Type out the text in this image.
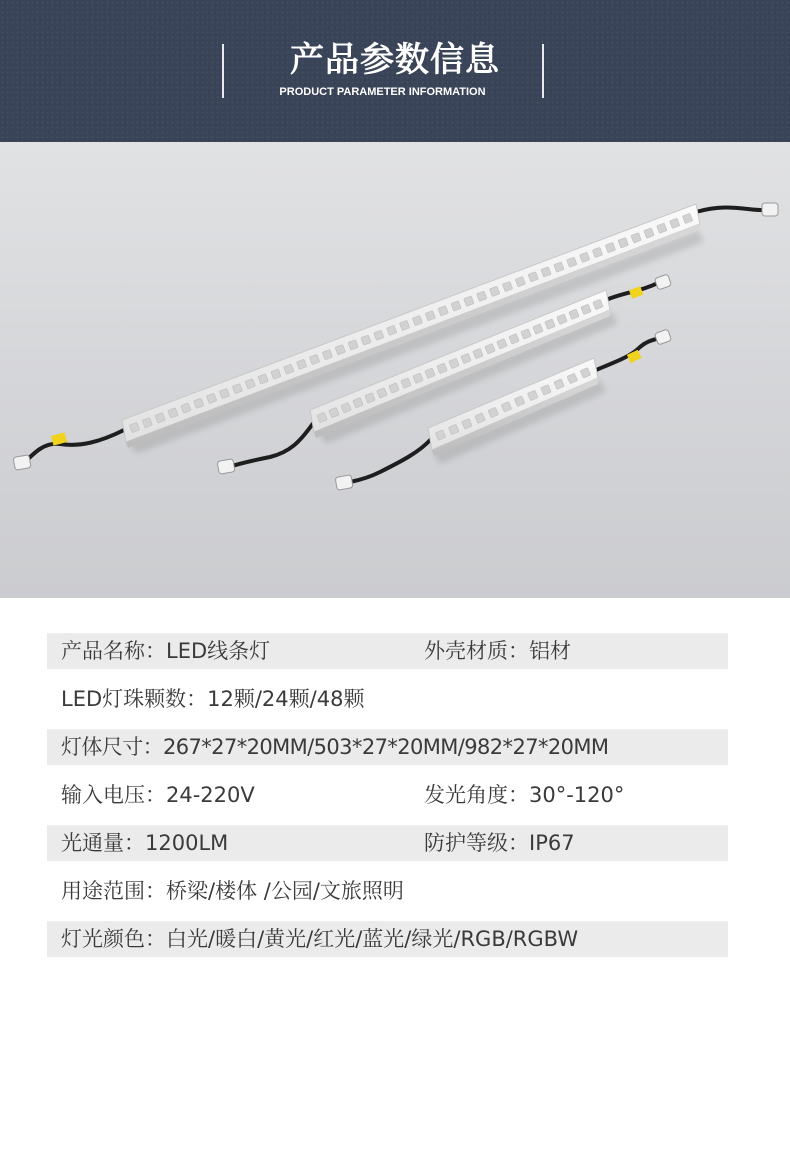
产品参数信息
PRODUCT PARAMETER INFORMATION
产品名称：LED线条灯	外壳材质：铝材
LED灯珠颗数：12颗/24颗/48颗
灯体尺寸：267*27*20MM/503*27*20MM/982*27*20MM
输入电压：24-220V	发光角度：30°-120°
光通量：1200LM	防护等级：IP67
用途范围：桥梁/楼体 /公园/文旅照明
灯光颜色：白光/暖白/黄光/红光/蓝光/绿光/RGB/RGBW
